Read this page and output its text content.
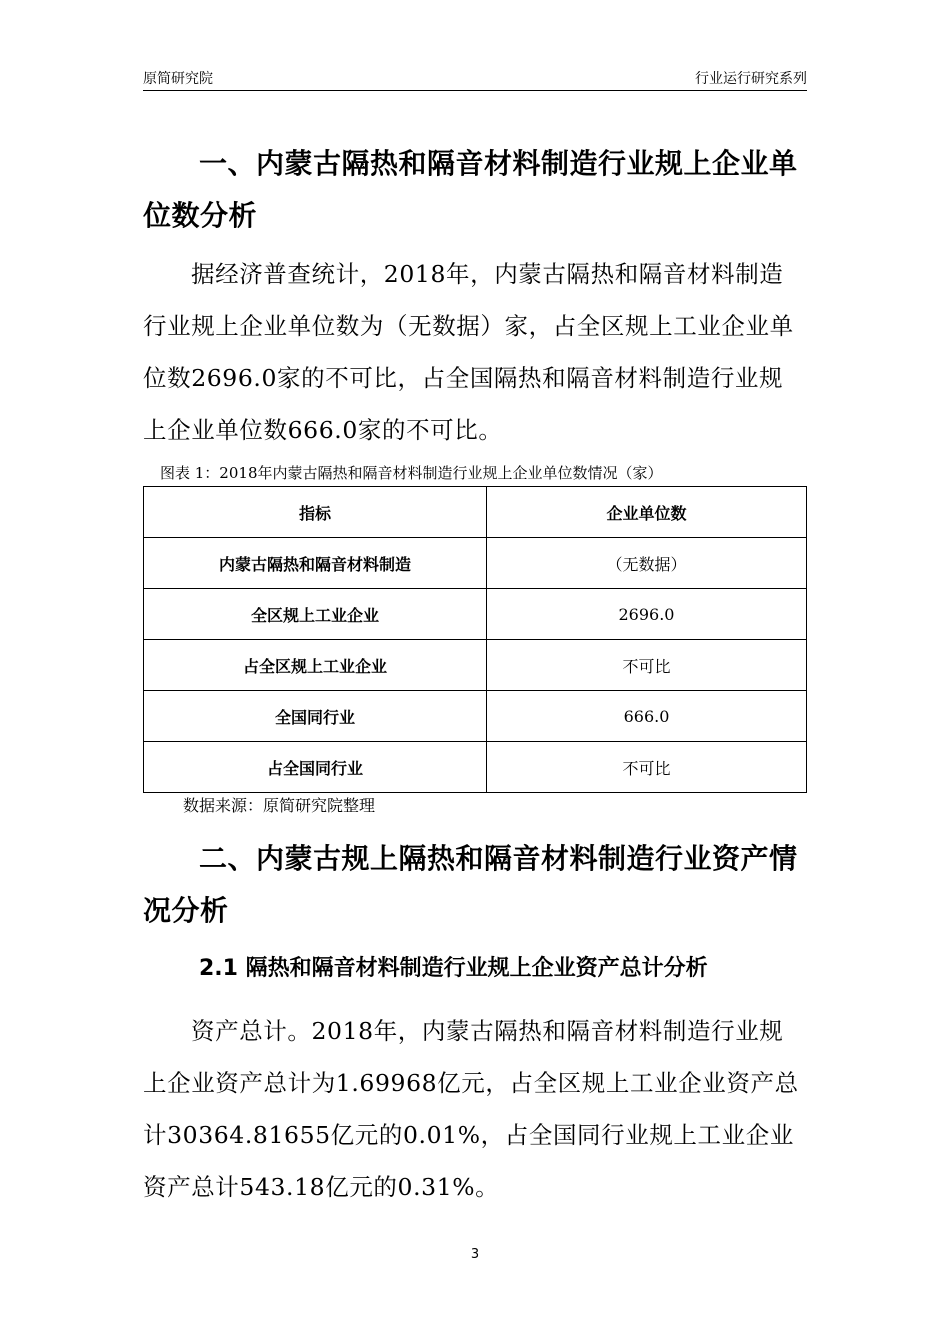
原简研究院	行业运行研究系列
一、内蒙古隔热和隔音材料制造行业规上企业单位数分析
据经济普查统计，2018年，内蒙古隔热和隔音材料制造行业规上企业单位数为（无数据）家，占全区规上工业企业单位数2696.0家的不可比，占全国隔热和隔音材料制造行业规上企业单位数666.0家的不可比。
图表 1：2018年内蒙古隔热和隔音材料制造行业规上企业单位数情况（家）
指标	企业单位数
内蒙古隔热和隔音材料制造	（无数据）
全区规上工业企业	2696.0
占全区规上工业企业	不可比
全国同行业	666.0
占全国同行业	不可比
数据来源：原简研究院整理
二、内蒙古规上隔热和隔音材料制造行业资产情况分析
2.1 隔热和隔音材料制造行业规上企业资产总计分析
资产总计。2018年，内蒙古隔热和隔音材料制造行业规上企业资产总计为1.69968亿元，占全区规上工业企业资产总计30364.81655亿元的0.01%，占全国同行业规上工业企业资产总计543.18亿元的0.31%。
3
